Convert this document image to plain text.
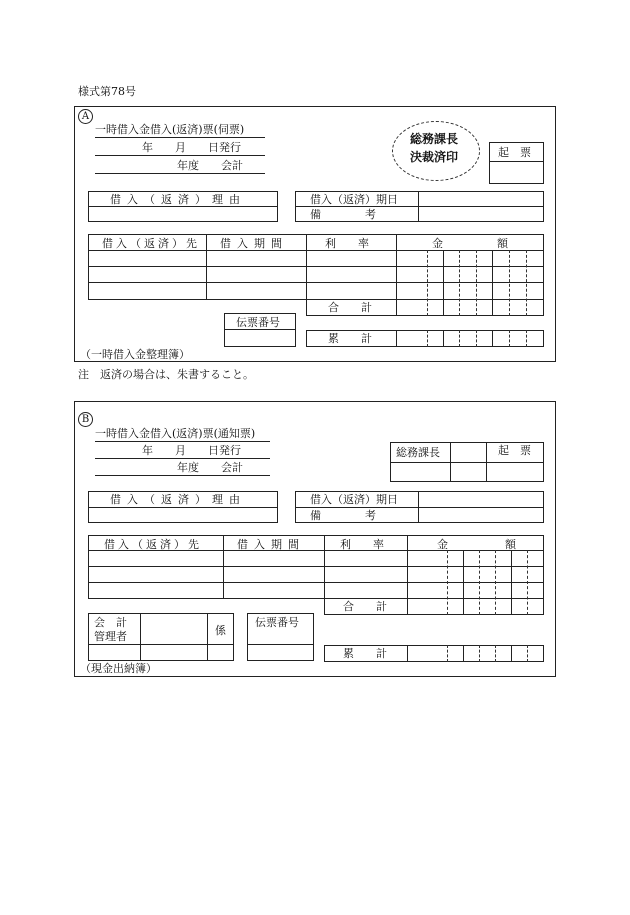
様式第78号
A
一時借入金借入(返済)票(伺票)
年　　月　　日発行
年度　　会計
総務課長
決裁済印	起　票
借入（返済）理由	借入（返済）期日
備　　　　考
借入（返済）先 借入期間	利　　率	金	額
合　　計
伝票番号
累　　計
（一時借入金整理簿）
注　返済の場合は、朱書すること。
B
一時借入金借入(返済)票(通知票)
年　　月　　日発行
年度　　会計
総務課長	起　票
借入（返済）理由	借入（返済）期日
備　　　　考
借入（返済）先	借入期間	利　　率	金	額
合　　計
会　計
管理者	係
伝票番号
累　　計
（現金出納簿）
